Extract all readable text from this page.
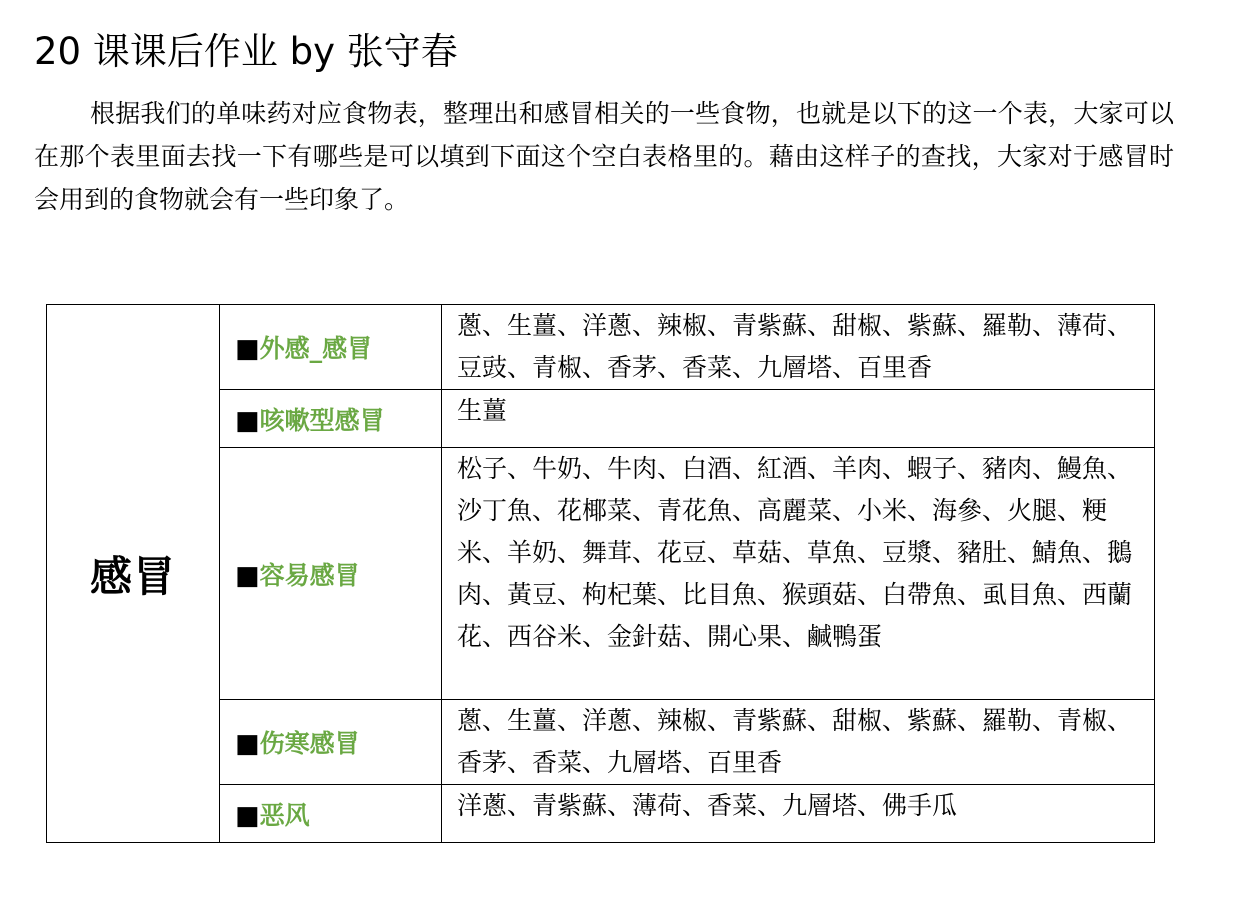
20 课课后作业 by 张守春

根据我们的单味药对应食物表，整理出和感冒相关的一些食物，也就是以下的这一个表，大家可以在那个表里面去找一下有哪些是可以填到下面这个空白表格里的。藉由这样子的查找，大家对于感冒时会用到的食物就会有一些印象了。

感冒	■外感_感冒	蔥、生薑、洋蔥、辣椒、青紫蘇、甜椒、紫蘇、羅勒、薄荷、豆豉、青椒、香茅、香菜、九層塔、百里香
	■咳嗽型感冒	生薑
	■容易感冒	松子、牛奶、牛肉、白酒、紅酒、羊肉、蝦子、豬肉、鰻魚、沙丁魚、花椰菜、青花魚、高麗菜、小米、海參、火腿、粳米、羊奶、舞茸、花豆、草菇、草魚、豆漿、豬肚、鯖魚、鵝肉、黃豆、枸杞葉、比目魚、猴頭菇、白帶魚、虱目魚、西蘭花、西谷米、金針菇、開心果、鹹鴨蛋
	■伤寒感冒	蔥、生薑、洋蔥、辣椒、青紫蘇、甜椒、紫蘇、羅勒、青椒、香茅、香菜、九層塔、百里香
	■恶风	洋蔥、青紫蘇、薄荷、香菜、九層塔、佛手瓜
